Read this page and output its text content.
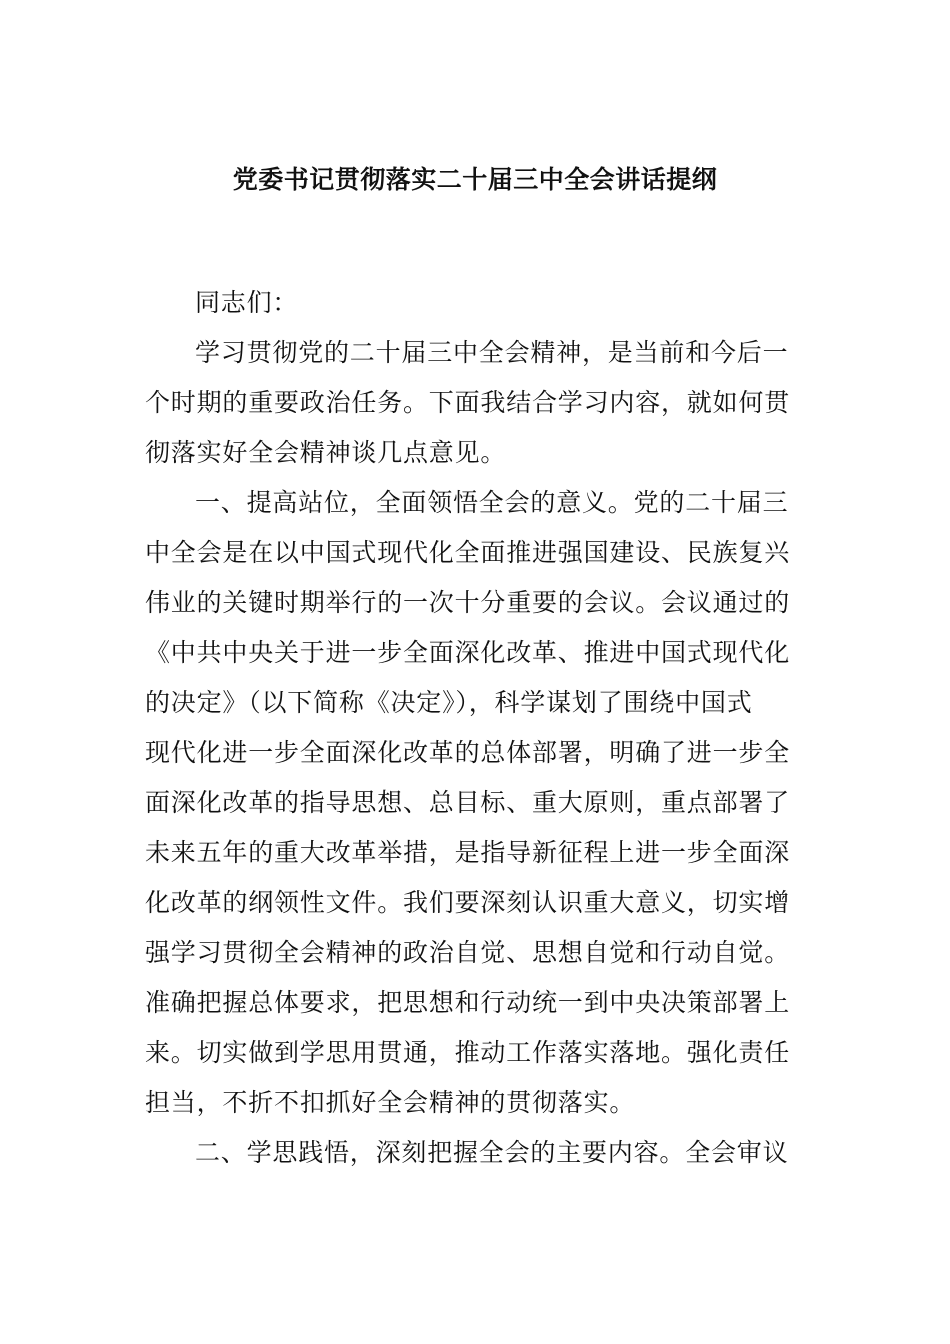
党委书记贯彻落实二十届三中全会讲话提纲
同志们：
学习贯彻党的二十届三中全会精神，是当前和今后一
个时期的重要政治任务。下面我结合学习内容，就如何贯
彻落实好全会精神谈几点意见。
一、提高站位，全面领悟全会的意义。党的二十届三
中全会是在以中国式现代化全面推进强国建设、民族复兴
伟业的关键时期举行的一次十分重要的会议。会议通过的
《中共中央关于进一步全面深化改革、推进中国式现代化
的决定》（以下简称《决定》），科学谋划了围绕中国式
现代化进一步全面深化改革的总体部署，明确了进一步全
面深化改革的指导思想、总目标、重大原则，重点部署了
未来五年的重大改革举措，是指导新征程上进一步全面深
化改革的纲领性文件。我们要深刻认识重大意义，切实增
强学习贯彻全会精神的政治自觉、思想自觉和行动自觉。
准确把握总体要求，把思想和行动统一到中央决策部署上
来。切实做到学思用贯通，推动工作落实落地。强化责任
担当，不折不扣抓好全会精神的贯彻落实。
二、学思践悟，深刻把握全会的主要内容。全会审议
